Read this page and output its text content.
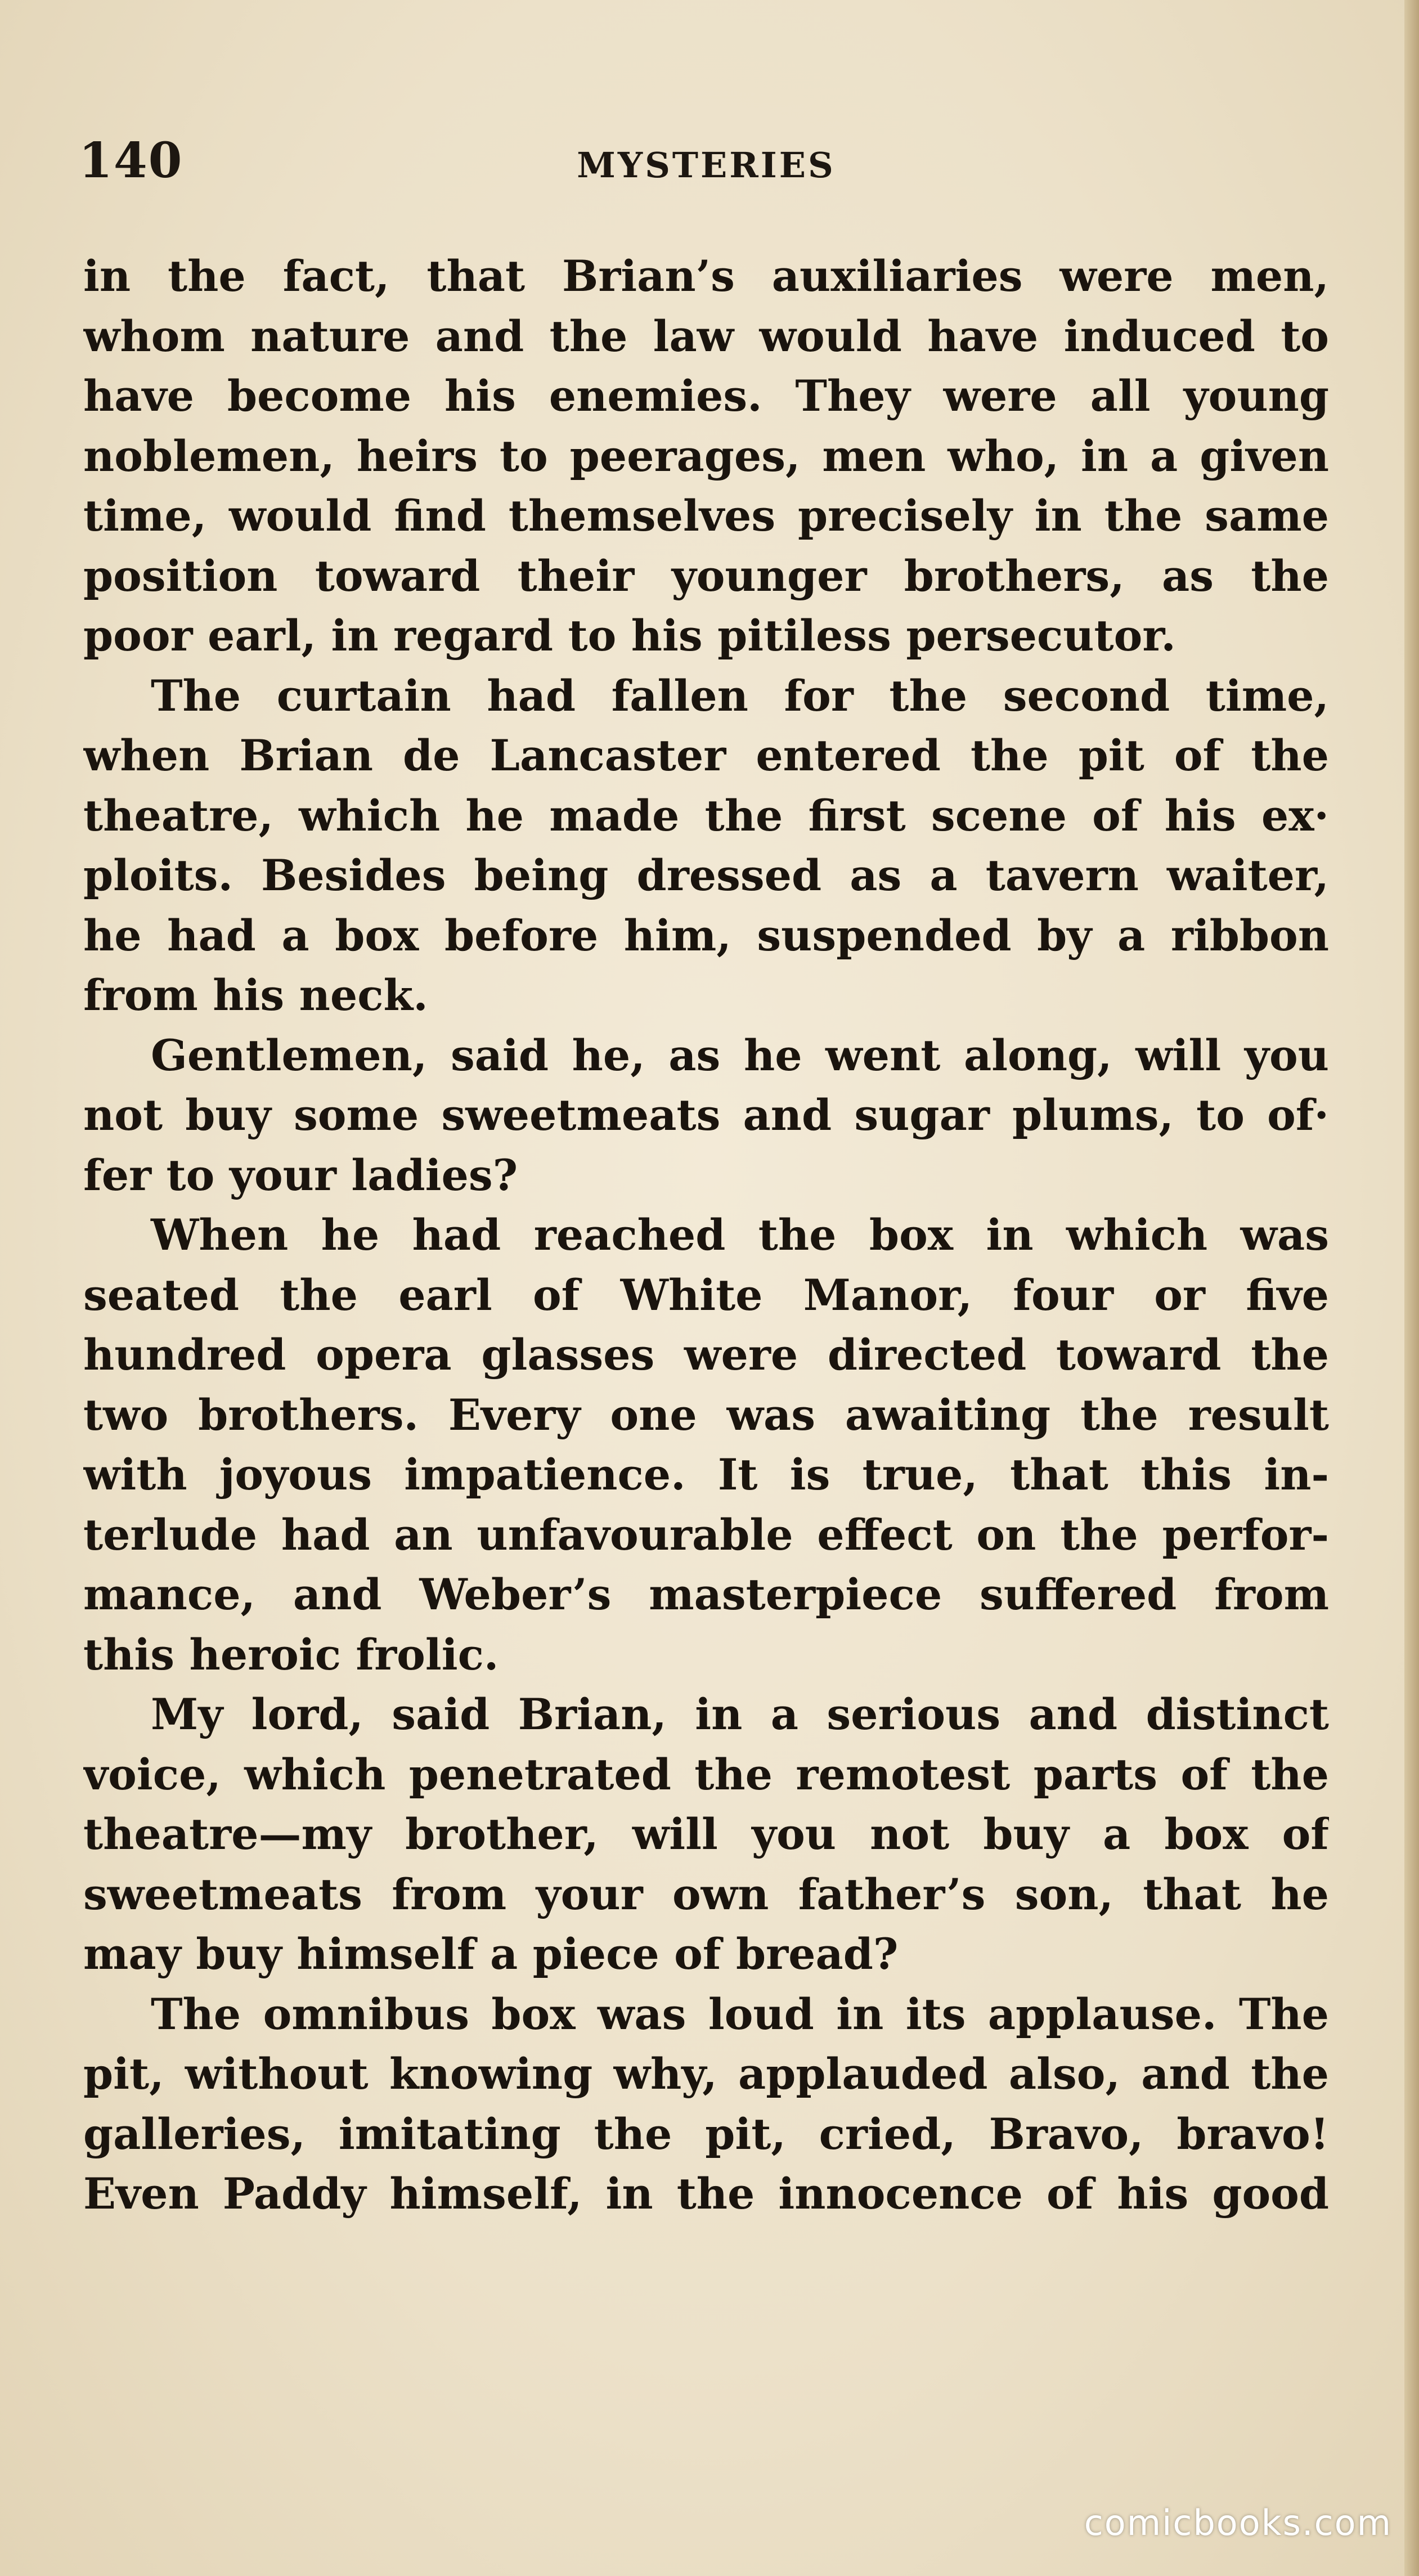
140	MYSTERIES
in the fact, that Brian’s auxiliaries were men,
whom nature and the law would have induced to
have become his enemies. They were all young
noblemen, heirs to peerages, men who, in a given
time, would find themselves precisely in the same
position toward their younger brothers, as the
poor earl, in regard to his pitiless persecutor.
The curtain had fallen for the second time,
when Brian de Lancaster entered the pit of the
theatre, which he made the first scene of his ex·
ploits. Besides being dressed as a tavern waiter,
he had a box before him, suspended by a ribbon
from his neck.
Gentlemen, said he, as he went along, will you
not buy some sweetmeats and sugar plums, to of·
fer to your ladies?
When he had reached the box in which was
seated the earl of White Manor, four or five
hundred opera glasses were directed toward the
two brothers. Every one was awaiting the result
with joyous impatience. It is true, that this in-
terlude had an unfavourable effect on the perfor-
mance, and Weber’s masterpiece suffered from
this heroic frolic.
My lord, said Brian, in a serious and distinct
voice, which penetrated the remotest parts of the
theatre—my brother, will you not buy a box of
sweetmeats from your own father’s son, that he
may buy himself a piece of bread?
The omnibus box was loud in its applause. The
pit, without knowing why, applauded also, and the
galleries, imitating the pit, cried, Bravo, bravo!
Even Paddy himself, in the innocence of his good
comicbooks.com
